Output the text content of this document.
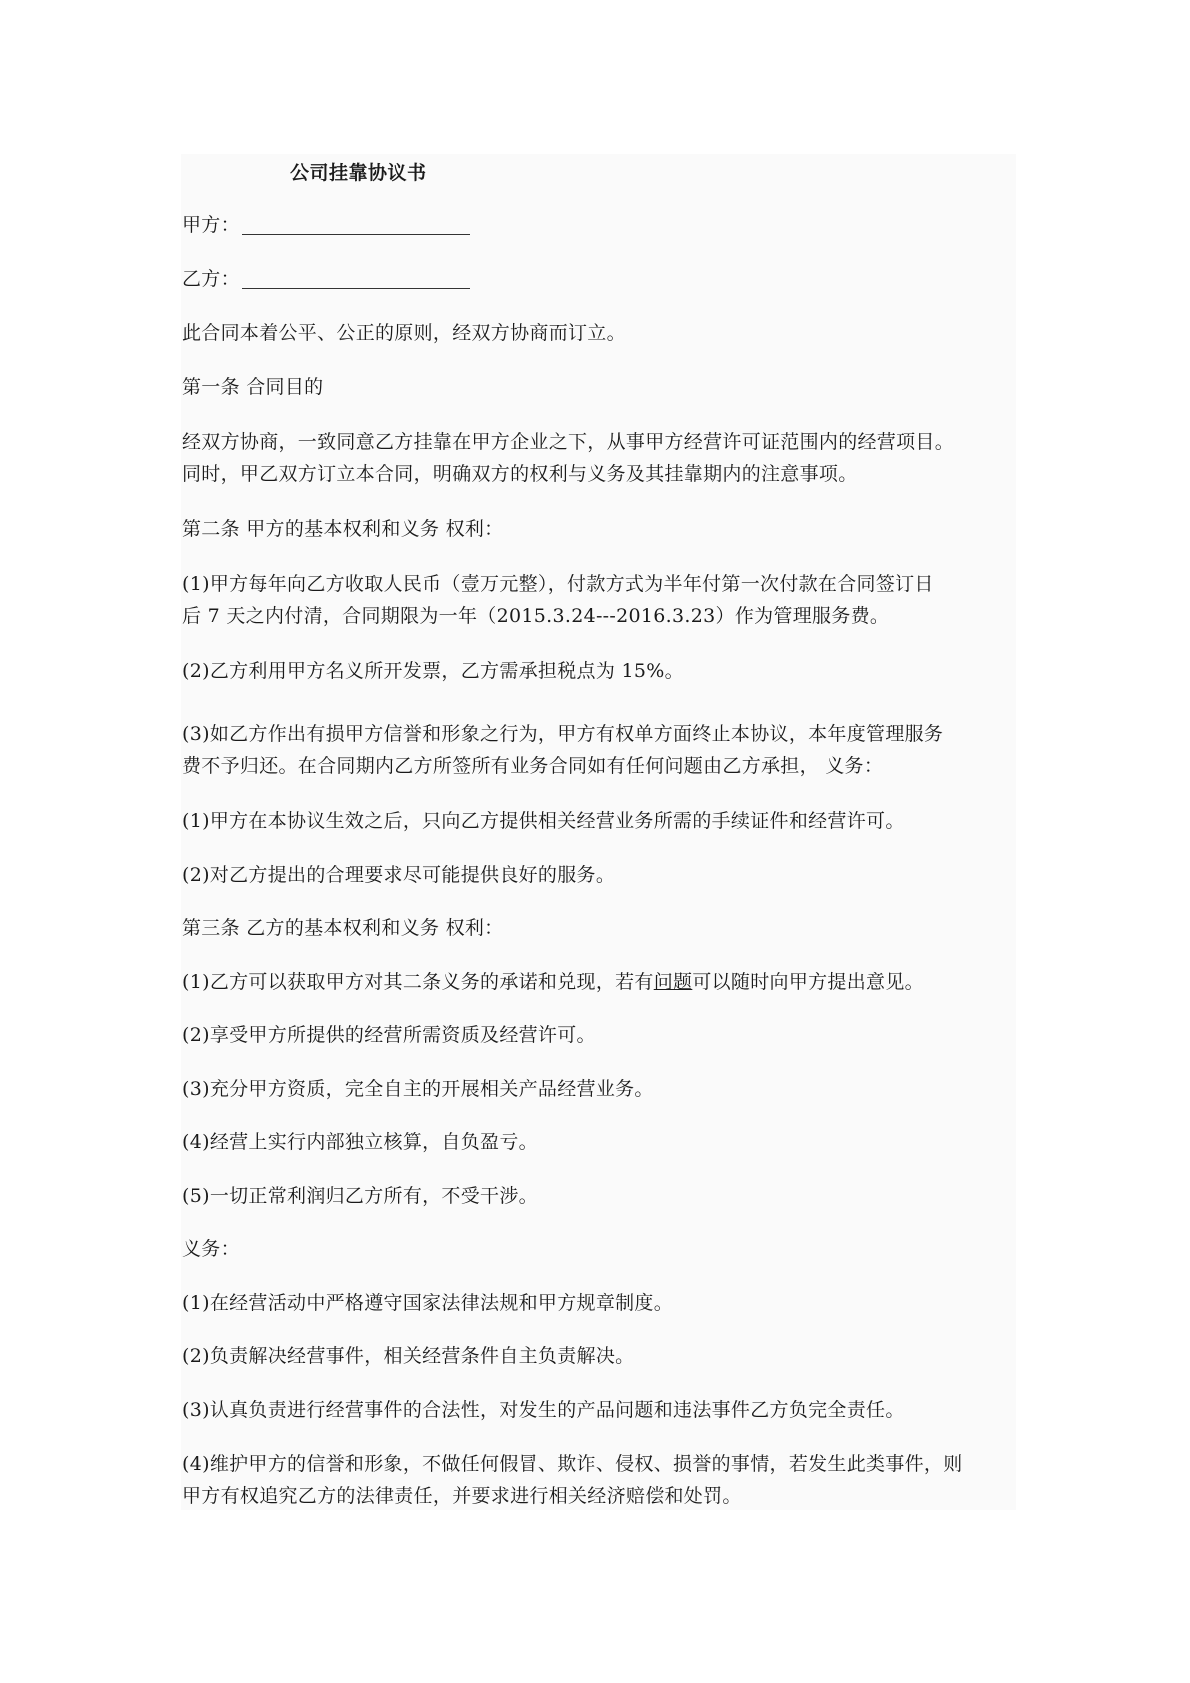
公司挂靠协议书
甲方：
乙方：
此合同本着公平、公正的原则，经双方协商而订立。
第一条 合同目的
经双方协商，一致同意乙方挂靠在甲方企业之下，从事甲方经营许可证范围内的经营项目。
同时，甲乙双方订立本合同，明确双方的权利与义务及其挂靠期内的注意事项。
第二条 甲方的基本权利和义务 权利：
(1)甲方每年向乙方收取人民币（壹万元整），付款方式为半年付第一次付款在合同签订日
后 7 天之内付清，合同期限为一年（2015.3.24---2016.3.23）作为管理服务费。
(2)乙方利用甲方名义所开发票，乙方需承担税点为 15%。
(3)如乙方作出有损甲方信誉和形象之行为，甲方有权单方面终止本协议，本年度管理服务
费不予归还。在合同期内乙方所签所有业务合同如有任何问题由乙方承担， 义务：
(1)甲方在本协议生效之后，只向乙方提供相关经营业务所需的手续证件和经营许可。
(2)对乙方提出的合理要求尽可能提供良好的服务。
第三条 乙方的基本权利和义务 权利：
(1)乙方可以获取甲方对其二条义务的承诺和兑现，若有问题可以随时向甲方提出意见。
(2)享受甲方所提供的经营所需资质及经营许可。
(3)充分甲方资质，完全自主的开展相关产品经营业务。
(4)经营上实行内部独立核算，自负盈亏。
(5)一切正常利润归乙方所有，不受干涉。
义务：
(1)在经营活动中严格遵守国家法律法规和甲方规章制度。
(2)负责解决经营事件，相关经营条件自主负责解决。
(3)认真负责进行经营事件的合法性，对发生的产品问题和违法事件乙方负完全责任。
(4)维护甲方的信誉和形象，不做任何假冒、欺诈、侵权、损誉的事情，若发生此类事件，则
甲方有权追究乙方的法律责任，并要求进行相关经济赔偿和处罚。
